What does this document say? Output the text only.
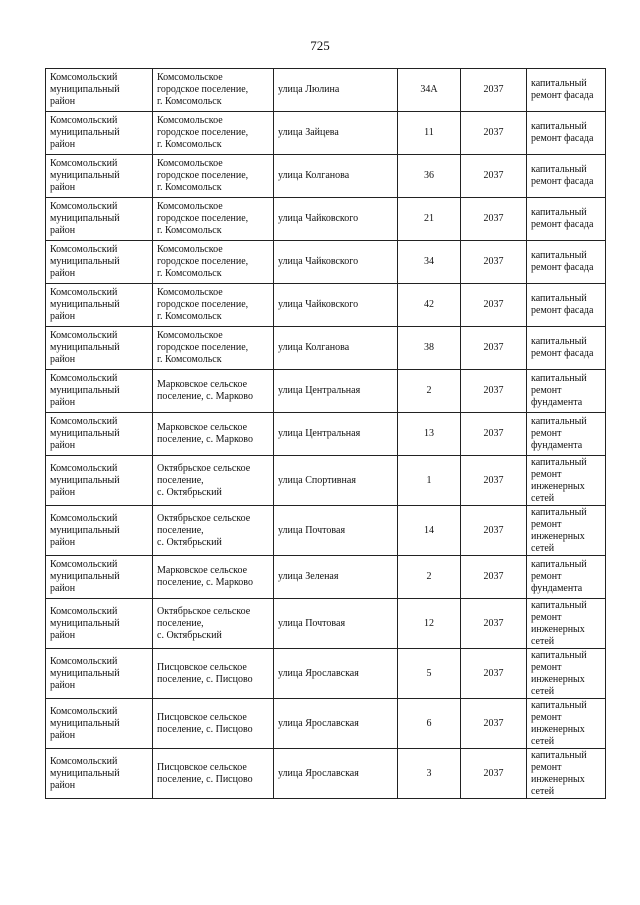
725
Комсомольский
муниципальный
район	Комсомольское
городское поселение,
г. Комсомольск	улица Люлина	34А	2037	капитальный
ремонт фасада

Комсомольский
муниципальный
район	Комсомольское
городское поселение,
г. Комсомольск	улица Зайцева	11	2037	капитальный
ремонт фасада

Комсомольский
муниципальный
район	Комсомольское
городское поселение,
г. Комсомольск	улица Колганова	36	2037	капитальный
ремонт фасада

Комсомольский
муниципальный
район	Комсомольское
городское поселение,
г. Комсомольск	улица Чайковского	21	2037	капитальный
ремонт фасада

Комсомольский
муниципальный
район	Комсомольское
городское поселение,
г. Комсомольск	улица Чайковского	34	2037	капитальный
ремонт фасада

Комсомольский
муниципальный
район	Комсомольское
городское поселение,
г. Комсомольск	улица Чайковского	42	2037	капитальный
ремонт фасада

Комсомольский
муниципальный
район	Комсомольское
городское поселение,
г. Комсомольск	улица Колганова	38	2037	капитальный
ремонт фасада

Комсомольский
муниципальный
район	Марковское сельское
поселение, с. Марково	улица Центральная	2	2037	капитальный
ремонт
фундамента

Комсомольский
муниципальный
район	Марковское сельское
поселение, с. Марково	улица Центральная	13	2037	капитальный
ремонт
фундамента

Комсомольский
муниципальный
район	Октябрьское сельское
поселение,
с. Октябрьский	улица Спортивная	1	2037	капитальный
ремонт
инженерных
сетей

Комсомольский
муниципальный
район	Октябрьское сельское
поселение,
с. Октябрьский	улица Почтовая	14	2037	капитальный
ремонт
инженерных
сетей

Комсомольский
муниципальный
район	Марковское сельское
поселение, с. Марково	улица Зеленая	2	2037	капитальный
ремонт
фундамента

Комсомольский
муниципальный
район	Октябрьское сельское
поселение,
с. Октябрьский	улица Почтовая	12	2037	капитальный
ремонт
инженерных
сетей

Комсомольский
муниципальный
район	Писцовское сельское
поселение, с. Писцово	улица Ярославская	5	2037	капитальный
ремонт
инженерных
сетей

Комсомольский
муниципальный
район	Писцовское сельское
поселение, с. Писцово	улица Ярославская	6	2037	капитальный
ремонт
инженерных
сетей

Комсомольский
муниципальный
район	Писцовское сельское
поселение, с. Писцово	улица Ярославская	3	2037	капитальный
ремонт
инженерных
сетей
